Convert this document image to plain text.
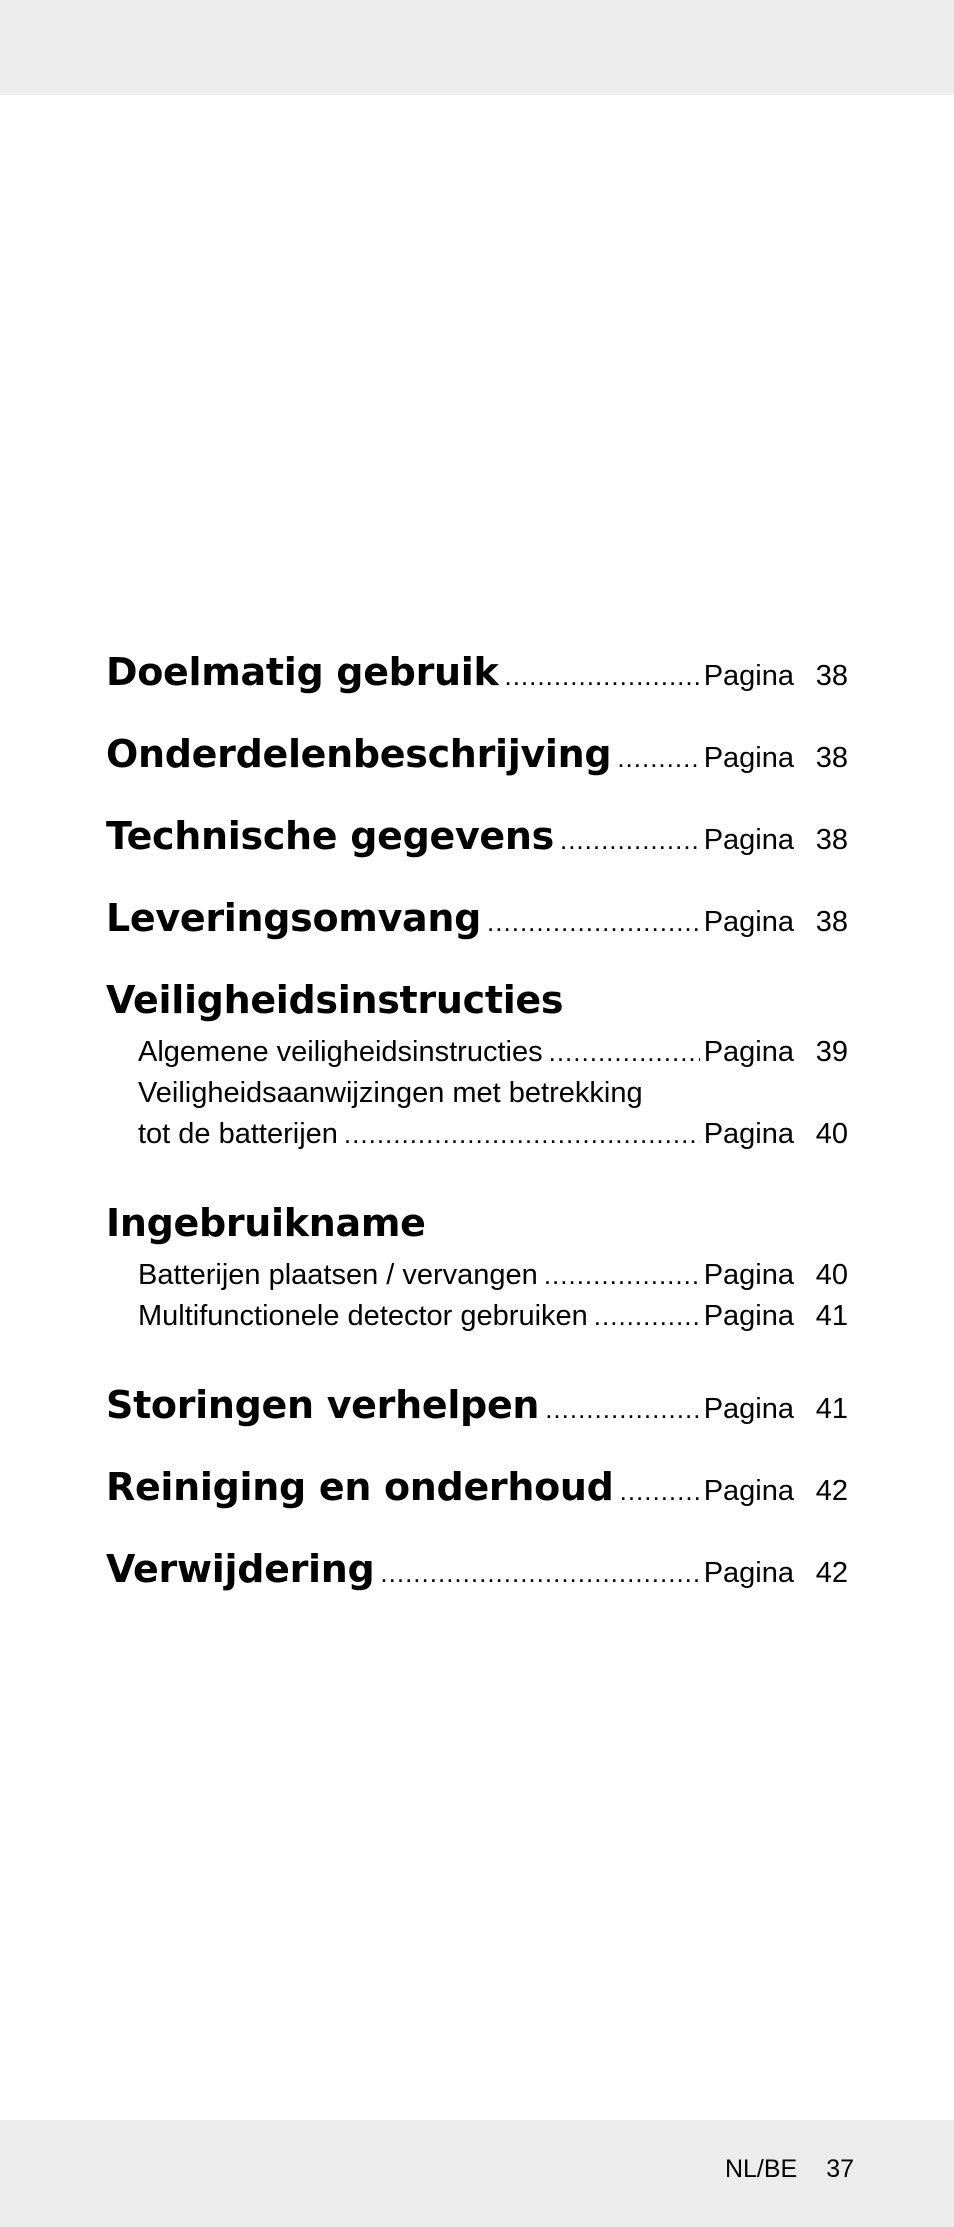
Doelmatig gebruik .....	Pagina 38
Onderdelenbeschrijving .....	Pagina 38
Technische gegevens .....	Pagina 38
Leveringsomvang .....	Pagina 38
Veiligheidsinstructies
Algemene veiligheidsinstructies .....	Pagina 39
Veiligheidsaanwijzingen met betrekking
tot de batterijen .....	Pagina 40
Ingebruikname
Batterijen plaatsen / vervangen .....	Pagina 40
Multifunctionele detector gebruiken .....	Pagina 41
Storingen verhelpen .....	Pagina 41
Reiniging en onderhoud .....	Pagina 42
Verwijdering .....	Pagina 42
NL/BE 37
